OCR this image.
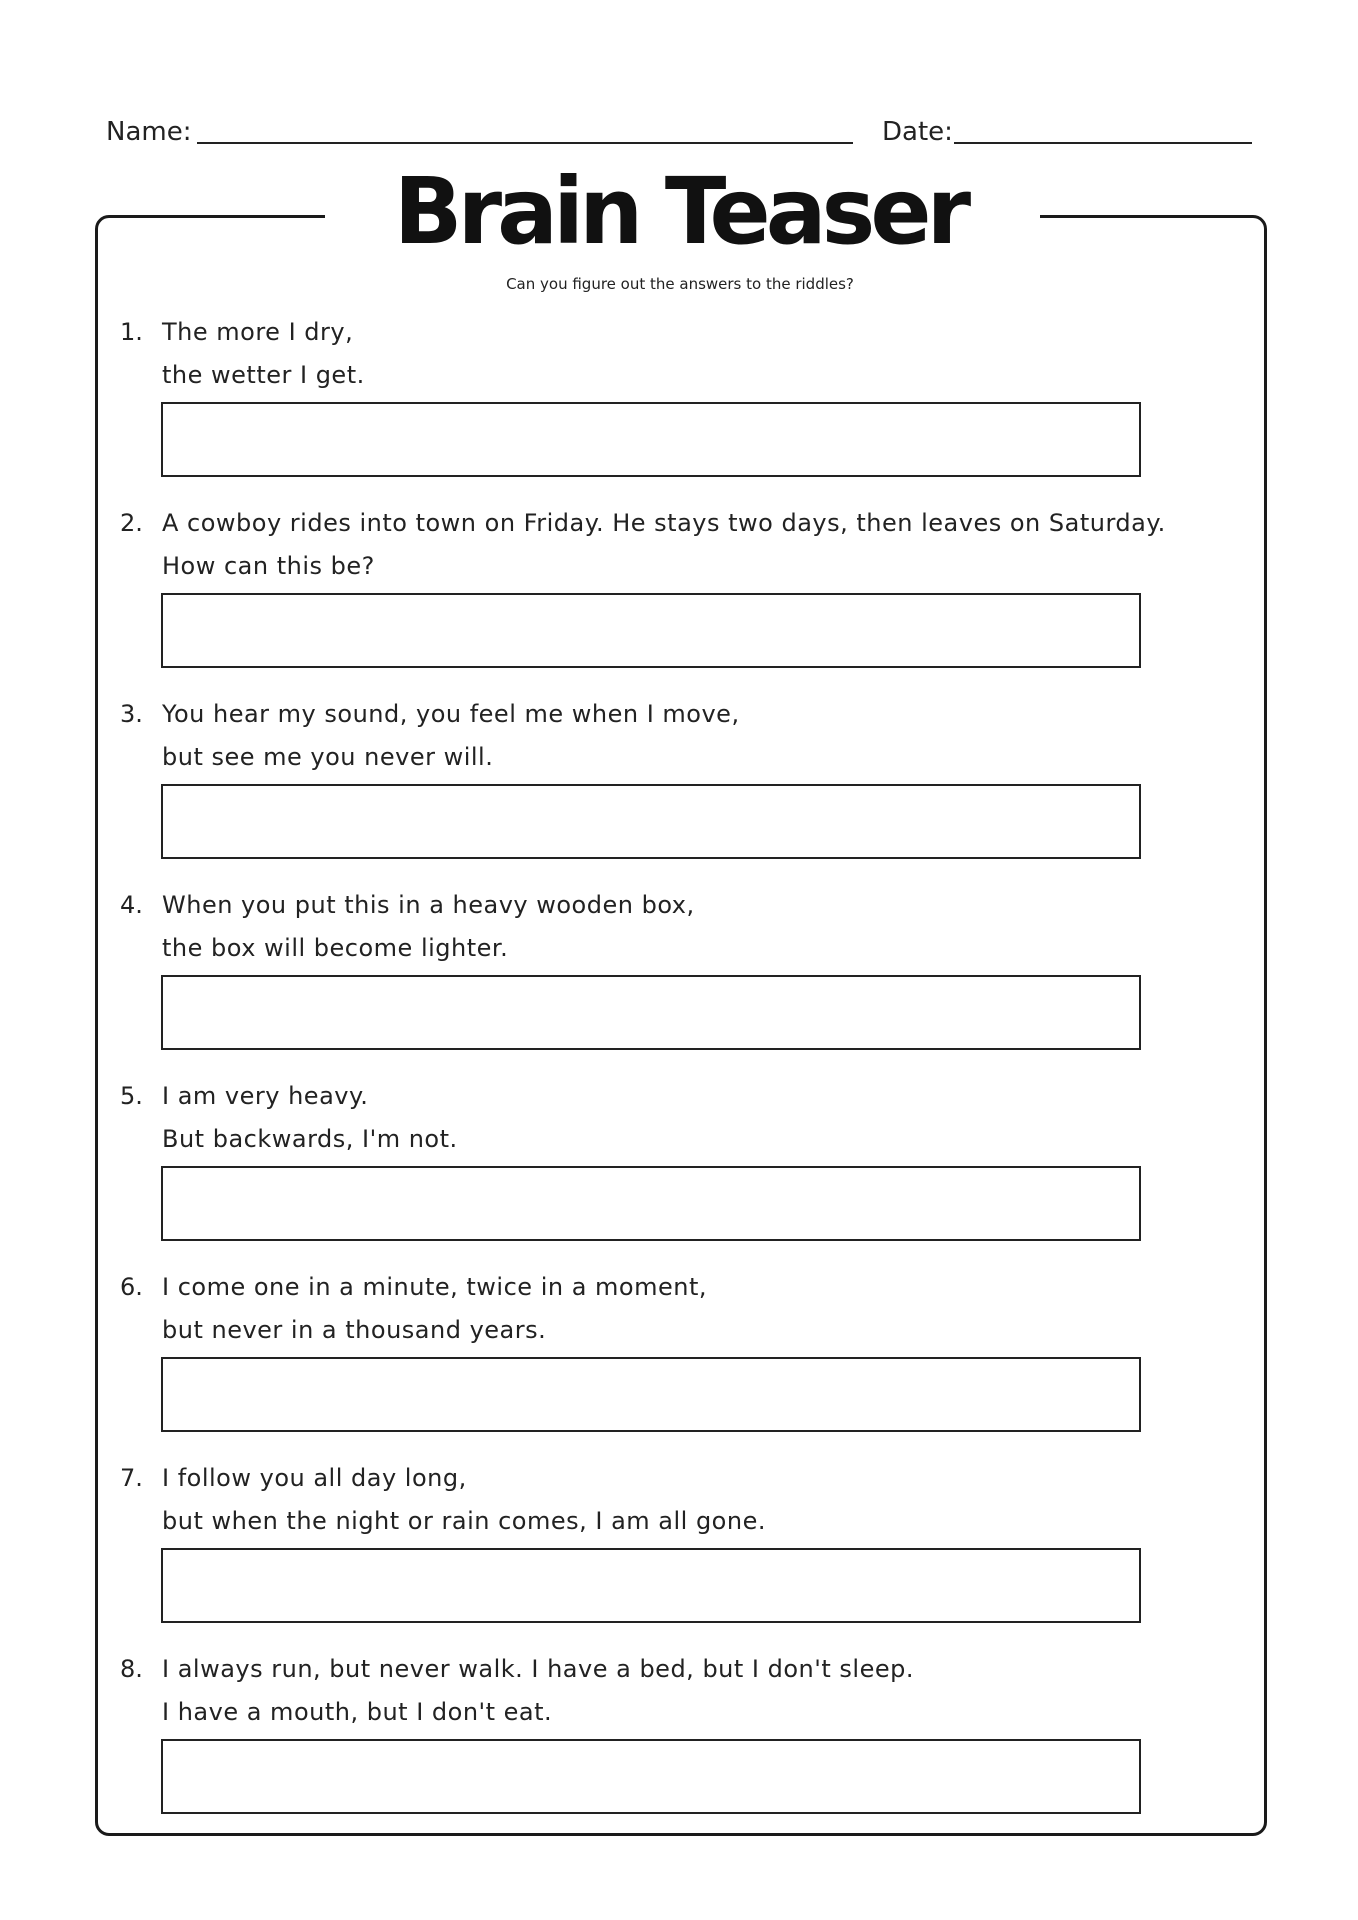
Name:	Date:
Brain Teaser
Can you figure out the answers to the riddles?
1. The more I dry,
the wetter I get.
2. A cowboy rides into town on Friday. He stays two days, then leaves on Saturday.
How can this be?
3. You hear my sound, you feel me when I move,
but see me you never will.
4. When you put this in a heavy wooden box,
the box will become lighter.
5. I am very heavy.
But backwards, I'm not.
6. I come one in a minute, twice in a moment,
but never in a thousand years.
7. I follow you all day long,
but when the night or rain comes, I am all gone.
8. I always run, but never walk. I have a bed, but I don't sleep.
I have a mouth, but I don't eat.
